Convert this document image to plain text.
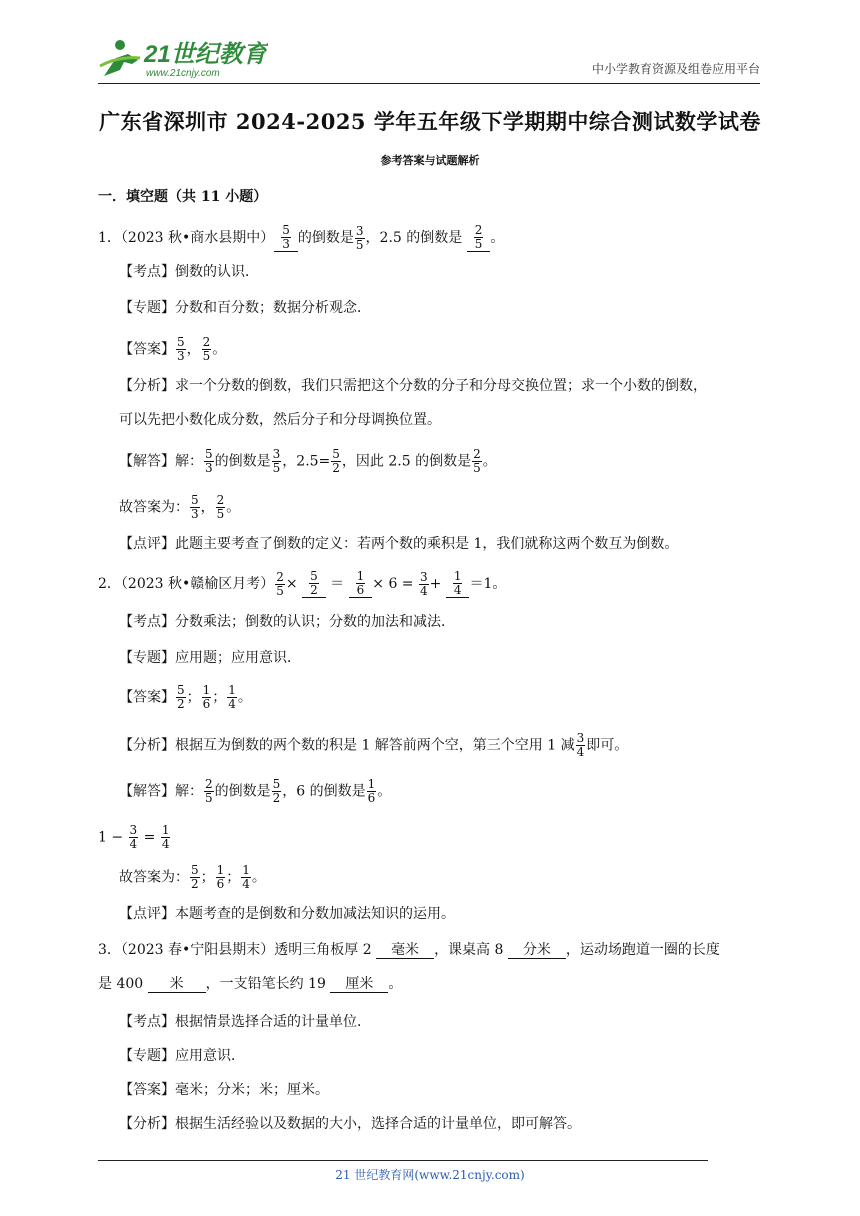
21世纪教育
www.21cnjy.com	中小学教育资源及组卷应用平台
广东省深圳市 2024-2025 学年五年级下学期期中综合测试数学试卷
参考答案与试题解析
一．填空题（共 11 小题）
1．（2023 秋•商水县期中） $\frac{5}{3}$ 的倒数是 $\frac{3}{5}$ ，2.5 的倒数是 $\frac{2}{5}$ 。
【考点】倒数的认识．
【专题】分数和百分数；数据分析观念．
【答案】 $\frac{5}{3}$ ， $\frac{2}{5}$ 。
【分析】求一个分数的倒数，我们只需把这个分数的分子和分母交换位置；求一个小数的倒数，
可以先把小数化成分数，然后分子和分母调换位置。
【解答】解： $\frac{5}{3}$ 的倒数是 $\frac{3}{5}$ ，$2.5= \frac{5}{2}$ ，因此 2.5 的倒数是 $\frac{2}{5}$ 。
故答案为： $\frac{5}{3}$ ， $\frac{2}{5}$ 。
【点评】此题主要考查了倒数的定义：若两个数的乘积是 1，我们就称这两个数互为倒数。
2．（2023 秋•赣榆区月考） $\frac{2}{5} \times \frac{5}{2} = \frac{1}{6} \times 6 = \frac{3}{4} + \frac{1}{4} =1$。
【考点】分数乘法；倒数的认识；分数的加法和减法．
【专题】应用题；应用意识．
【答案】 $\frac{5}{2}$ ； $\frac{1}{6}$ ； $\frac{1}{4}$ 。
【分析】根据互为倒数的两个数的积是 1 解答前两个空，第三个空用 1 减 $\frac{3}{4}$ 即可。
【解答】解： $\frac{2}{5}$ 的倒数是 $\frac{5}{2}$ ，6 的倒数是 $\frac{1}{6}$ 。
$1 - \frac{3}{4} = \frac{1}{4}$
故答案为： $\frac{5}{2}$ ； $\frac{1}{6}$ ； $\frac{1}{4}$ 。
【点评】本题考查的是倒数和分数加减法知识的运用。
3．（2023 春•宁阳县期末）透明三角板厚 2 毫米 ，课桌高 8 分米 ，运动场跑道一圈的长度
是 400 米 ，一支铅笔长约 19 厘米 。
【考点】根据情景选择合适的计量单位．
【专题】应用意识．
【答案】毫米；分米；米；厘米。
【分析】根据生活经验以及数据的大小，选择合适的计量单位，即可解答。
21 世纪教育网(www.21cnjy.com)
